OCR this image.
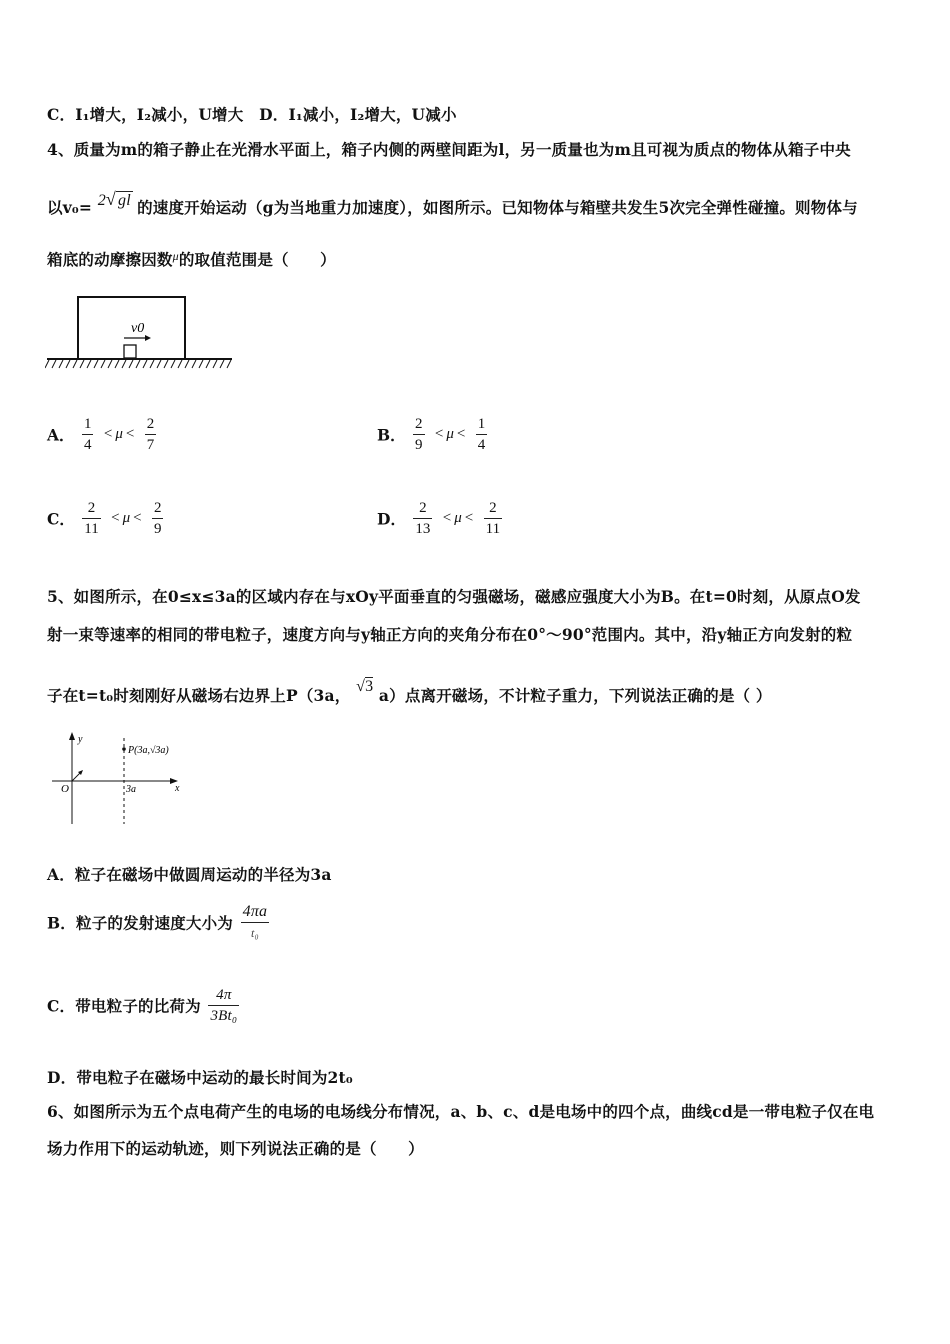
C．I₁增大，I₂减小，U增大　D．I₁减小，I₂增大，U减小
4、质量为m的箱子静止在光滑水平面上，箱子内侧的两壁间距为l，另一质量也为m且可视为质点的物体从箱子中央
以v₀= 2√ gl 的速度开始运动（g为当地重力加速度），如图所示。已知物体与箱壁共发生5次完全弹性碰撞。则物体与
箱底的动摩擦因数$^\mu$的取值范围是（　　）
v0
A． $\frac{1}{4} < \mu < \frac{2}{7}$	B． $\frac{2}{9} < \mu < \frac{1}{4}$
C． $\frac{2}{11} < \mu < \frac{2}{9}$	D． $\frac{2}{13} < \mu < \frac{2}{11}$
5、如图所示，在0≤x≤3a的区域内存在与xOy平面垂直的匀强磁场，磁感应强度大小为B。在t=0时刻，从原点O发
射一束等速率的相同的带电粒子，速度方向与y轴正方向的夹角分布在0°～90°范围内。其中，沿y轴正方向发射的粒
子在t=t₀时刻刚好从磁场右边界上P（3a， √3 a）点离开磁场，不计粒子重力，下列说法正确的是（ ）
y
x
O	3a
P(3a,√3a)
A．粒子在磁场中做圆周运动的半径为3a
B．粒子的发射速度大小为 $\frac{4\pi a}{\text{t₀}}$
C．带电粒子的比荷为 $\frac{4\pi}{\text{3Bt₀}}$
D．带电粒子在磁场中运动的最长时间为2t₀
6、如图所示为五个点电荷产生的电场的电场线分布情况，a、b、c、d是电场中的四个点，曲线cd是一带电粒子仅在电
场力作用下的运动轨迹，则下列说法正确的是（　　）
